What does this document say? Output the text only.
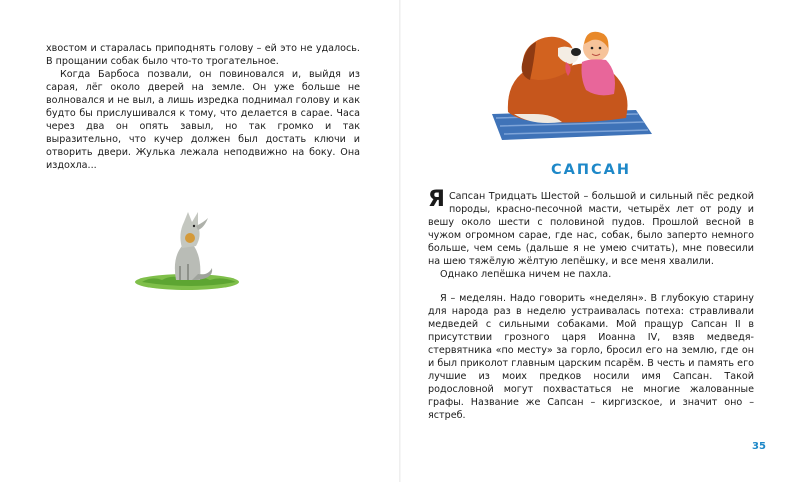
хвостом и старалась приподнять голову – ей это не удалось. В прощании собак было что-то трогательное.

Когда Барбоса позвали, он повиновался и, выйдя из сарая, лёг около дверей на земле. Он уже больше не волновался и не выл, а лишь изредка поднимал голову и как будто бы прислушивался к тому, что делается в сарае. Часа через два он опять завыл, но так громко и так выразительно, что кучер должен был достать ключи и отворить двери. Жулька лежала неподвижно на боку. Она издохла...	САПСАН

Я Сапсан Тридцать Шестой – большой и сильный пёс редкой породы, красно-песочной масти, четырёх лет от роду и вешу около шести с половиной пудов. Прошлой весной в чужом огромном сарае, где нас, собак, было заперто немного больше, чем семь (дальше я не умею считать), мне повесили на шею тяжёлую жёлтую лепёшку, и все меня хвалили.

Однако лепёшка ничем не пахла.

Я – меделян. Надо говорить «неделян». В глубокую старину для народа раз в неделю устраивалась потеха: стравливали медведей с сильными собаками. Мой пращур Сапсан II в присутствии грозного царя Иоанна IV, взяв медведя-стервятника «по месту» за горло, бросил его на землю, где он и был приколот главным царским псарём. В честь и память его лучшие из моих предков носили имя Сапсан. Такой родословной могут похвастаться не многие жалованные графы. Название же Сапсан – киргизское, и значит оно – ястреб.

35
